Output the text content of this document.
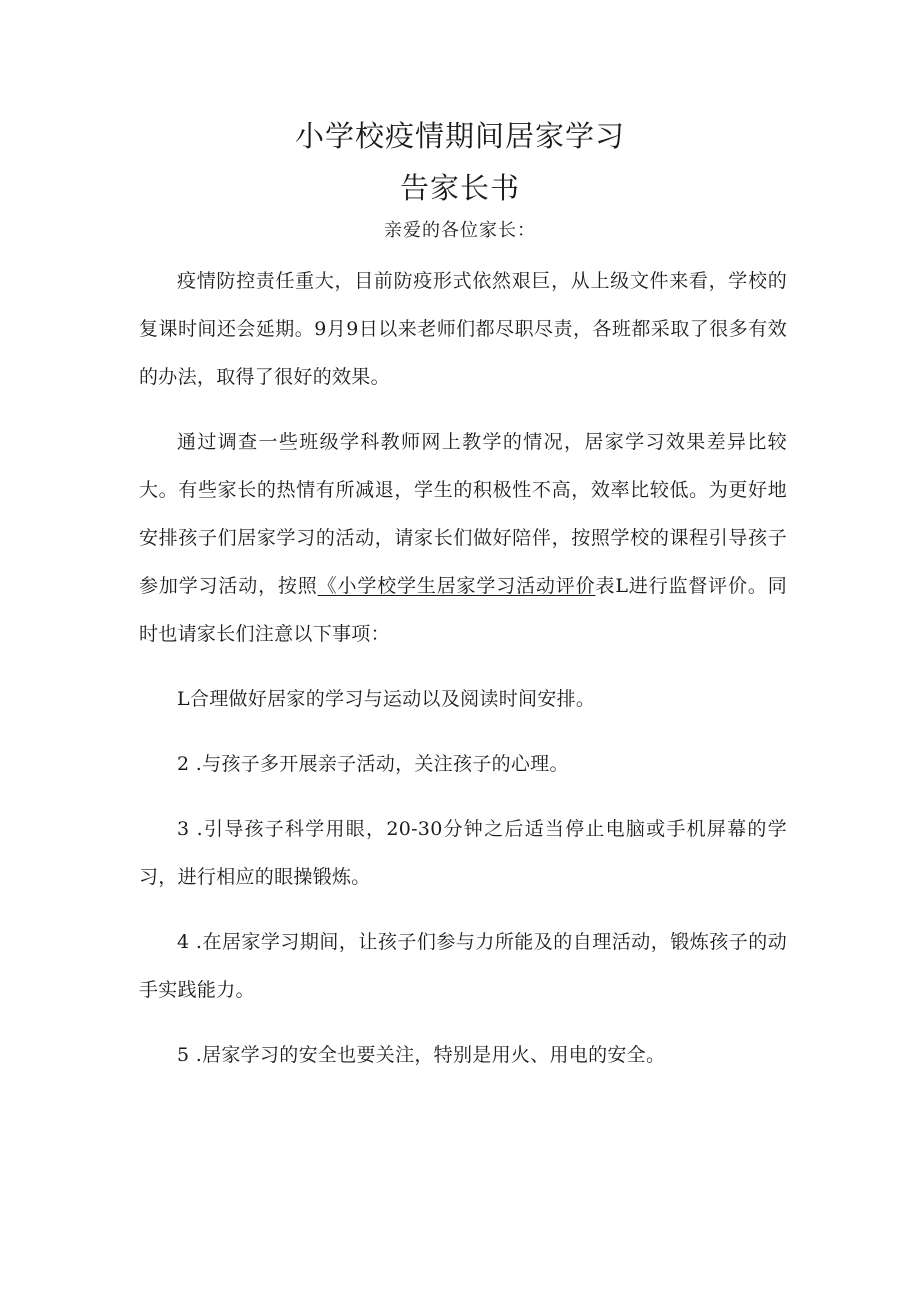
小学校疫情期间居家学习
告家长书
亲爱的各位家长：

疫情防控责任重大，目前防疫形式依然艰巨，从上级文件来看，学校的复课时间还会延期。9月9日以来老师们都尽职尽责，各班都采取了很多有效的办法，取得了很好的效果。

通过调查一些班级学科教师网上教学的情况，居家学习效果差异比较大。有些家长的热情有所减退，学生的积极性不高，效率比较低。为更好地安排孩子们居家学习的活动，请家长们做好陪伴，按照学校的课程引导孩子参加学习活动，按照《小学校学生居家学习活动评价表L进行监督评价。同时也请家长们注意以下事项：

L合理做好居家的学习与运动以及阅读时间安排。

2 .与孩子多开展亲子活动，关注孩子的心理。

3 .引导孩子科学用眼，20-30分钟之后适当停止电脑或手机屏幕的学习，进行相应的眼操锻炼。

4 .在居家学习期间，让孩子们参与力所能及的自理活动，锻炼孩子的动手实践能力。

5 .居家学习的安全也要关注，特别是用火、用电的安全。
